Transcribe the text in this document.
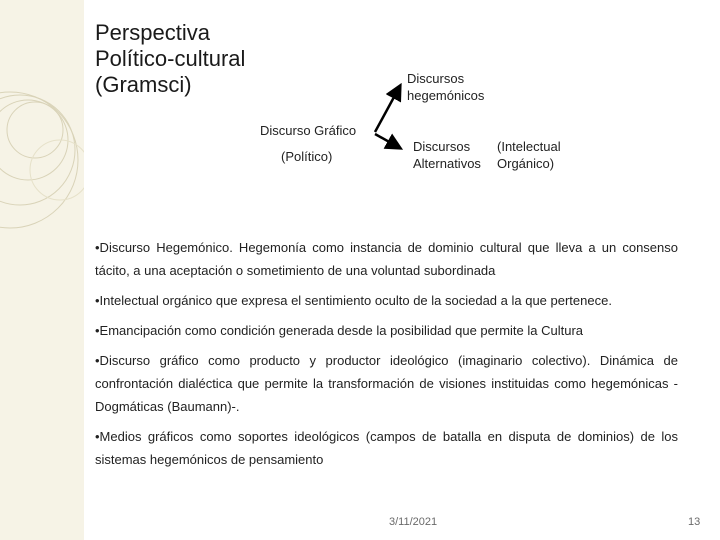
Perspectiva
Político-cultural
(Gramsci)	Discursos
hegemónicos
Discurso Gráfico
(Político)
Discursos
Alternativos
(Intelectual
Orgánico)
•Discurso Hegemónico. Hegemonía como instancia de dominio cultural que lleva a un consenso tácito, a una aceptación o sometimiento de una voluntad subordinada
•Intelectual orgánico que expresa el sentimiento oculto de la sociedad a la que pertenece.
•Emancipación como condición generada desde la posibilidad que permite la Cultura
•Discurso gráfico como producto y productor ideológico (imaginario colectivo). Dinámica de confrontación dialéctica que permite la transformación de visiones instituidas como hegemónicas -Dogmáticas (Baumann)-.
•Medios gráficos como soportes ideológicos (campos de batalla en disputa de dominios) de los sistemas hegemónicos de pensamiento
3/11/2021	13
